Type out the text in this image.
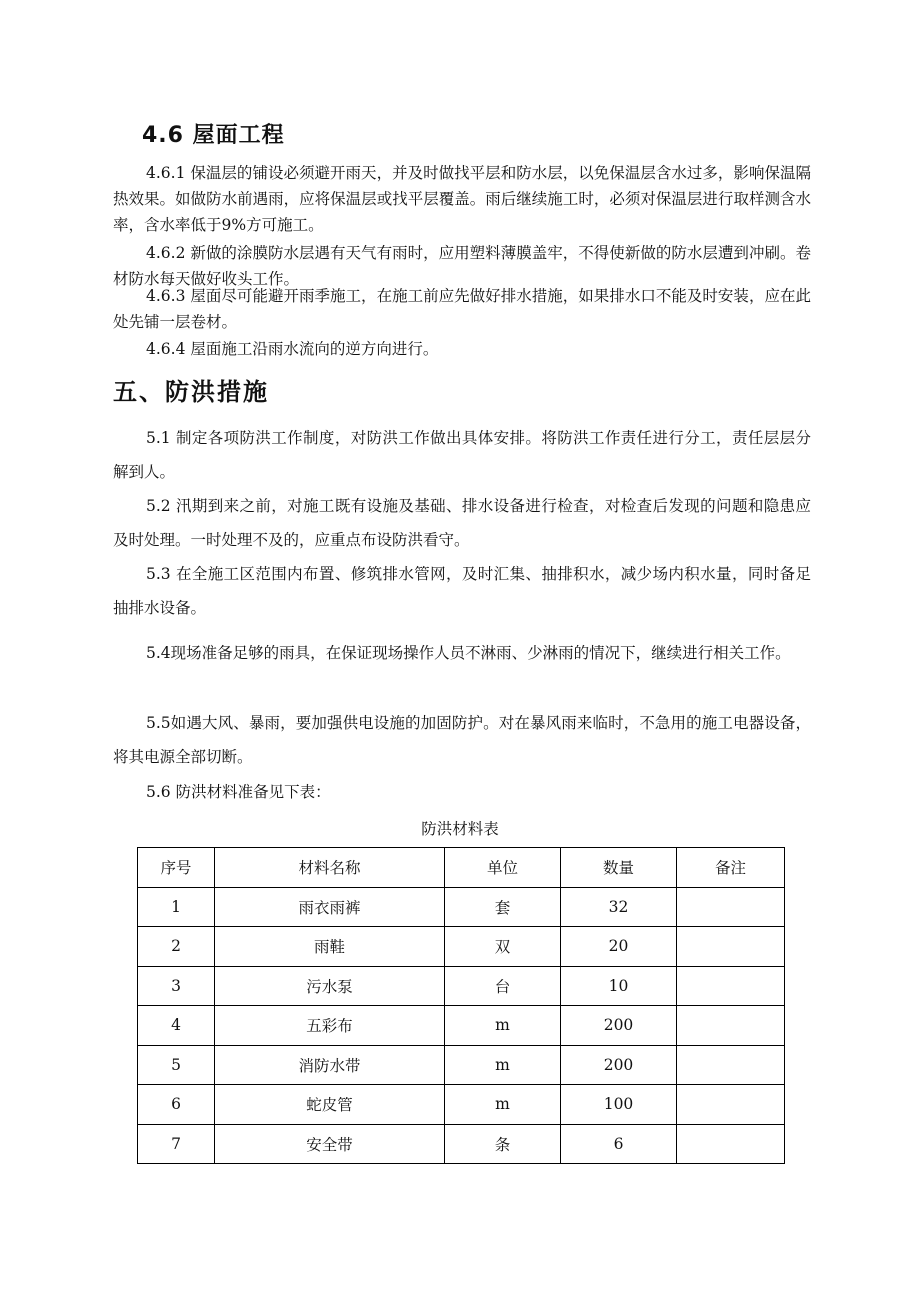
4.6 屋面工程

4.6.1 保温层的铺设必须避开雨天，并及时做找平层和防水层，以免保温层含水过多，影响保温隔热效果。如做防水前遇雨，应将保温层或找平层覆盖。雨后继续施工时，必须对保温层进行取样测含水率，含水率低于9%方可施工。

4.6.2 新做的涂膜防水层遇有天气有雨时，应用塑料薄膜盖牢，不得使新做的防水层遭到冲刷。卷材防水每天做好收头工作。

4.6.3 屋面尽可能避开雨季施工，在施工前应先做好排水措施，如果排水口不能及时安装，应在此处先铺一层卷材。

4.6.4 屋面施工沿雨水流向的逆方向进行。

五、防洪措施

5.1 制定各项防洪工作制度，对防洪工作做出具体安排。将防洪工作责任进行分工，责任层层分解到人。

5.2 汛期到来之前，对施工既有设施及基础、排水设备进行检查，对检查后发现的问题和隐患应及时处理。一时处理不及的，应重点布设防洪看守。

5.3 在全施工区范围内布置、修筑排水管网，及时汇集、抽排积水，减少场内积水量，同时备足抽排水设备。

5.4现场准备足够的雨具，在保证现场操作人员不淋雨、少淋雨的情况下，继续进行相关工作。

5.5如遇大风、暴雨，要加强供电设施的加固防护。对在暴风雨来临时，不急用的施工电器设备，将其电源全部切断。

5.6 防洪材料准备见下表：

防洪材料表
序号	材料名称	单位	数量	备注
1	雨衣雨裤	套	32	
2	雨鞋	双	20	
3	污水泵	台	10	
4	五彩布	m	200	
5	消防水带	m	200	
6	蛇皮管	m	100	
7	安全带	条	6	
